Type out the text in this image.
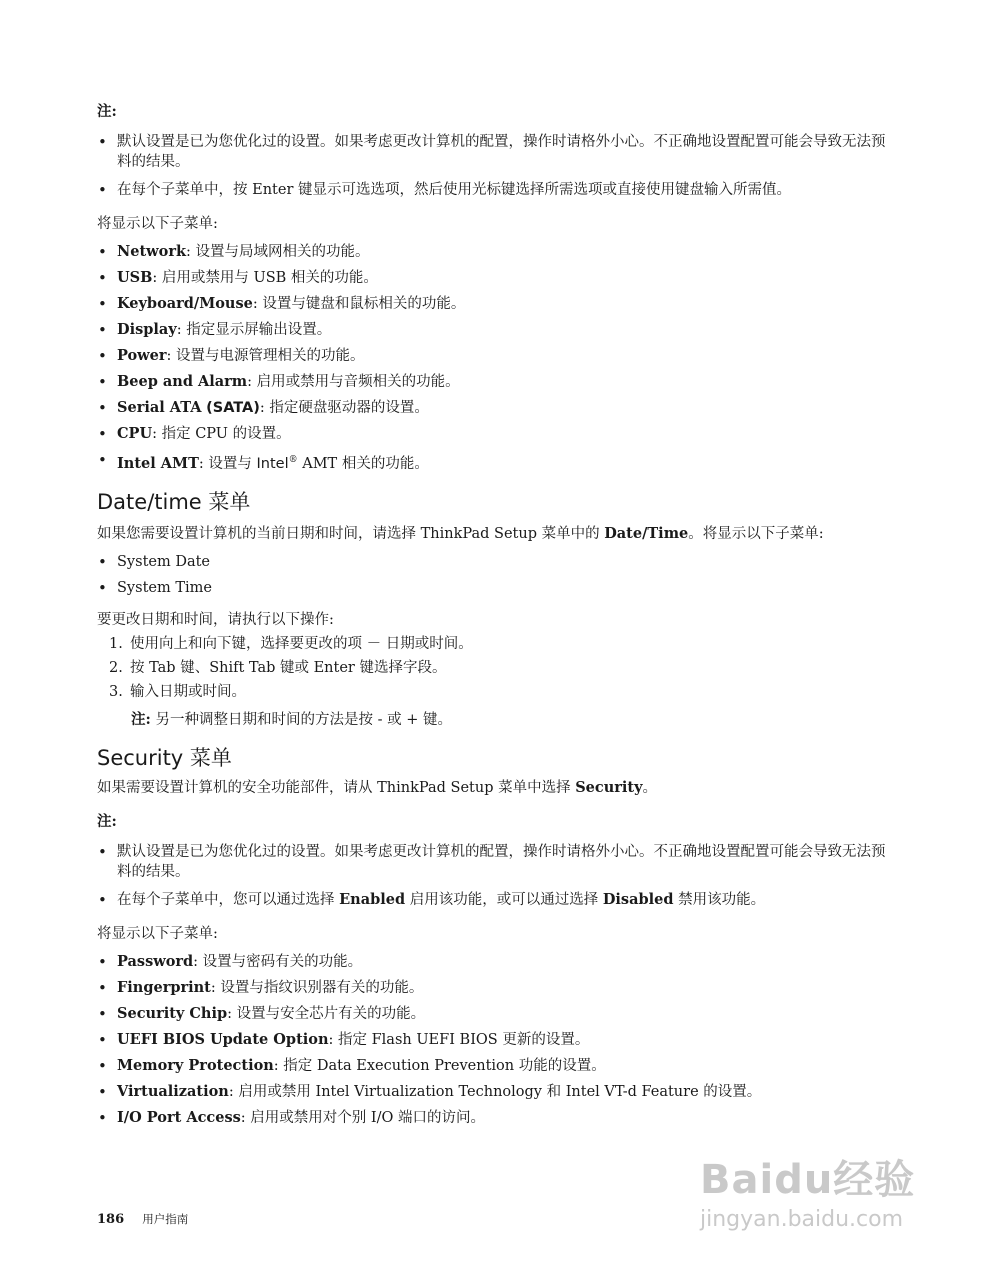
注:
• 默认设置是已为您优化过的设置。如果考虑更改计算机的配置，操作时请格外小心。不正确地设置配置可能会导致无法预料的结果。
• 在每个子菜单中，按 Enter 键显示可选选项，然后使用光标键选择所需选项或直接使用键盘输入所需值。

将显示以下子菜单:

• Network: 设置与局域网相关的功能。
• USB: 启用或禁用与 USB 相关的功能。
• Keyboard/Mouse: 设置与键盘和鼠标相关的功能。
• Display: 指定显示屏输出设置。
• Power: 设置与电源管理相关的功能。
• Beep and Alarm: 启用或禁用与音频相关的功能。
• Serial ATA (SATA): 指定硬盘驱动器的设置。
• CPU: 指定 CPU 的设置。
• Intel AMT: 设置与 Intel® AMT 相关的功能。
Date/time 菜单

如果您需要设置计算机的当前日期和时间，请选择 ThinkPad Setup 菜单中的 Date/Time。将显示以下子菜单:

• System Date
• System Time

要更改日期和时间，请执行以下操作:

1. 使用向上和向下键，选择要更改的项 － 日期或时间。
2. 按 Tab 键、Shift Tab 键或 Enter 键选择字段。
3. 输入日期或时间。

注: 另一种调整日期和时间的方法是按 - 或 + 键。

Security 菜单

如果需要设置计算机的安全功能部件，请从 ThinkPad Setup 菜单中选择 Security。

注:
• 默认设置是已为您优化过的设置。如果考虑更改计算机的配置，操作时请格外小心。不正确地设置配置可能会导致无法预料的结果。
• 在每个子菜单中，您可以通过选择 Enabled 启用该功能，或可以通过选择 Disabled 禁用该功能。

将显示以下子菜单:

• Password: 设置与密码有关的功能。
• Fingerprint: 设置与指纹识别器有关的功能。
• Security Chip: 设置与安全芯片有关的功能。
• UEFI BIOS Update Option: 指定 Flash UEFI BIOS 更新的设置。
• Memory Protection: 指定 Data Execution Prevention 功能的设置。
• Virtualization: 启用或禁用 Intel Virtualization Technology 和 Intel VT-d Feature 的设置。
• I/O Port Access: 启用或禁用对个别 I/O 端口的访问。
186 用户指南
Baidu经验
jingyan.baidu.com
